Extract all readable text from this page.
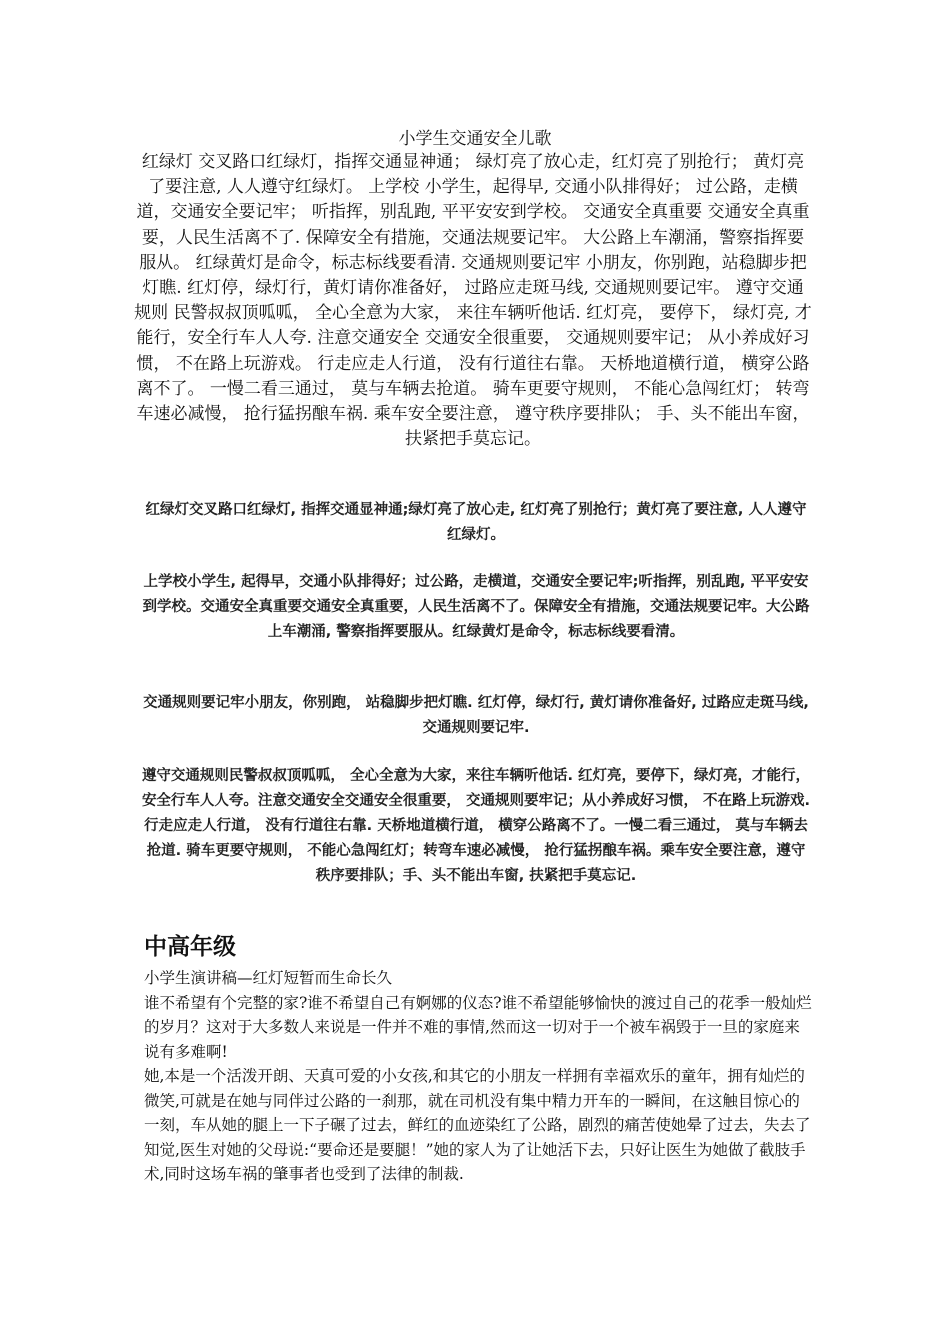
小学生交通安全儿歌

红绿灯 交叉路口红绿灯，指挥交通显神通； 绿灯亮了放心走，红灯亮了别抢行； 黄灯亮了要注意, 人人遵守红绿灯。 上学校 小学生，起得早, 交通小队排得好； 过公路，走横道，交通安全要记牢； 听指挥，别乱跑, 平平安安到学校。 交通安全真重要 交通安全真重要，人民生活离不了. 保障安全有措施，交通法规要记牢。 大公路上车潮涌，警察指挥要服从。 红绿黄灯是命令，标志标线要看清. 交通规则要记牢 小朋友，你别跑，站稳脚步把灯瞧. 红灯停，绿灯行，黄灯请你准备好， 过路应走斑马线, 交通规则要记牢。 遵守交通规则 民警叔叔顶呱呱， 全心全意为大家， 来往车辆听他话. 红灯亮， 要停下， 绿灯亮, 才能行，安全行车人人夸. 注意交通安全 交通安全很重要， 交通规则要牢记； 从小养成好习惯， 不在路上玩游戏。 行走应走人行道， 没有行道往右靠。 天桥地道横行道， 横穿公路离不了。 一慢二看三通过， 莫与车辆去抢道。 骑车更要守规则， 不能心急闯红灯； 转弯车速必减慢， 抢行猛拐酿车祸. 乘车安全要注意， 遵守秩序要排队； 手、头不能出车窗，扶紧把手莫忘记。

红绿灯交叉路口红绿灯, 指挥交通显神通;绿灯亮了放心走, 红灯亮了别抢行；黄灯亮了要注意, 人人遵守红绿灯。

上学校小学生, 起得早，交通小队排得好；过公路，走横道，交通安全要记牢;听指挥，别乱跑, 平平安安到学校。交通安全真重要交通安全真重要，人民生活离不了。保障安全有措施，交通法规要记牢。大公路上车潮涌, 警察指挥要服从。红绿黄灯是命令，标志标线要看清。

交通规则要记牢小朋友，你别跑， 站稳脚步把灯瞧. 红灯停，绿灯行, 黄灯请你准备好, 过路应走斑马线, 交通规则要记牢.

遵守交通规则民警叔叔顶呱呱， 全心全意为大家，来往车辆听他话. 红灯亮，要停下，绿灯亮，才能行，安全行车人人夸。注意交通安全交通安全很重要， 交通规则要牢记；从小养成好习惯， 不在路上玩游戏. 行走应走人行道， 没有行道往右靠. 天桥地道横行道， 横穿公路离不了。一慢二看三通过， 莫与车辆去抢道. 骑车更要守规则， 不能心急闯红灯；转弯车速必减慢， 抢行猛拐酿车祸。乘车安全要注意，遵守秩序要排队；手、头不能出车窗, 扶紧把手莫忘记.

中高年级

小学生演讲稿—红灯短暂而生命长久

谁不希望有个完整的家?谁不希望自己有婀娜的仪态?谁不希望能够愉快的渡过自己的花季一般灿烂的岁月？这对于大多数人来说是一件并不难的事情,然而这一切对于一个被车祸毁于一旦的家庭来说有多难啊!

她,本是一个活泼开朗、天真可爱的小女孩,和其它的小朋友一样拥有幸福欢乐的童年，拥有灿烂的微笑,可就是在她与同伴过公路的一刹那，就在司机没有集中精力开车的一瞬间，在这触目惊心的一刻，车从她的腿上一下子碾了过去，鲜红的血迹染红了公路，剧烈的痛苦使她晕了过去，失去了知觉,医生对她的父母说:“要命还是要腿！”她的家人为了让她活下去，只好让医生为她做了截肢手术,同时这场车祸的肇事者也受到了法律的制裁.
